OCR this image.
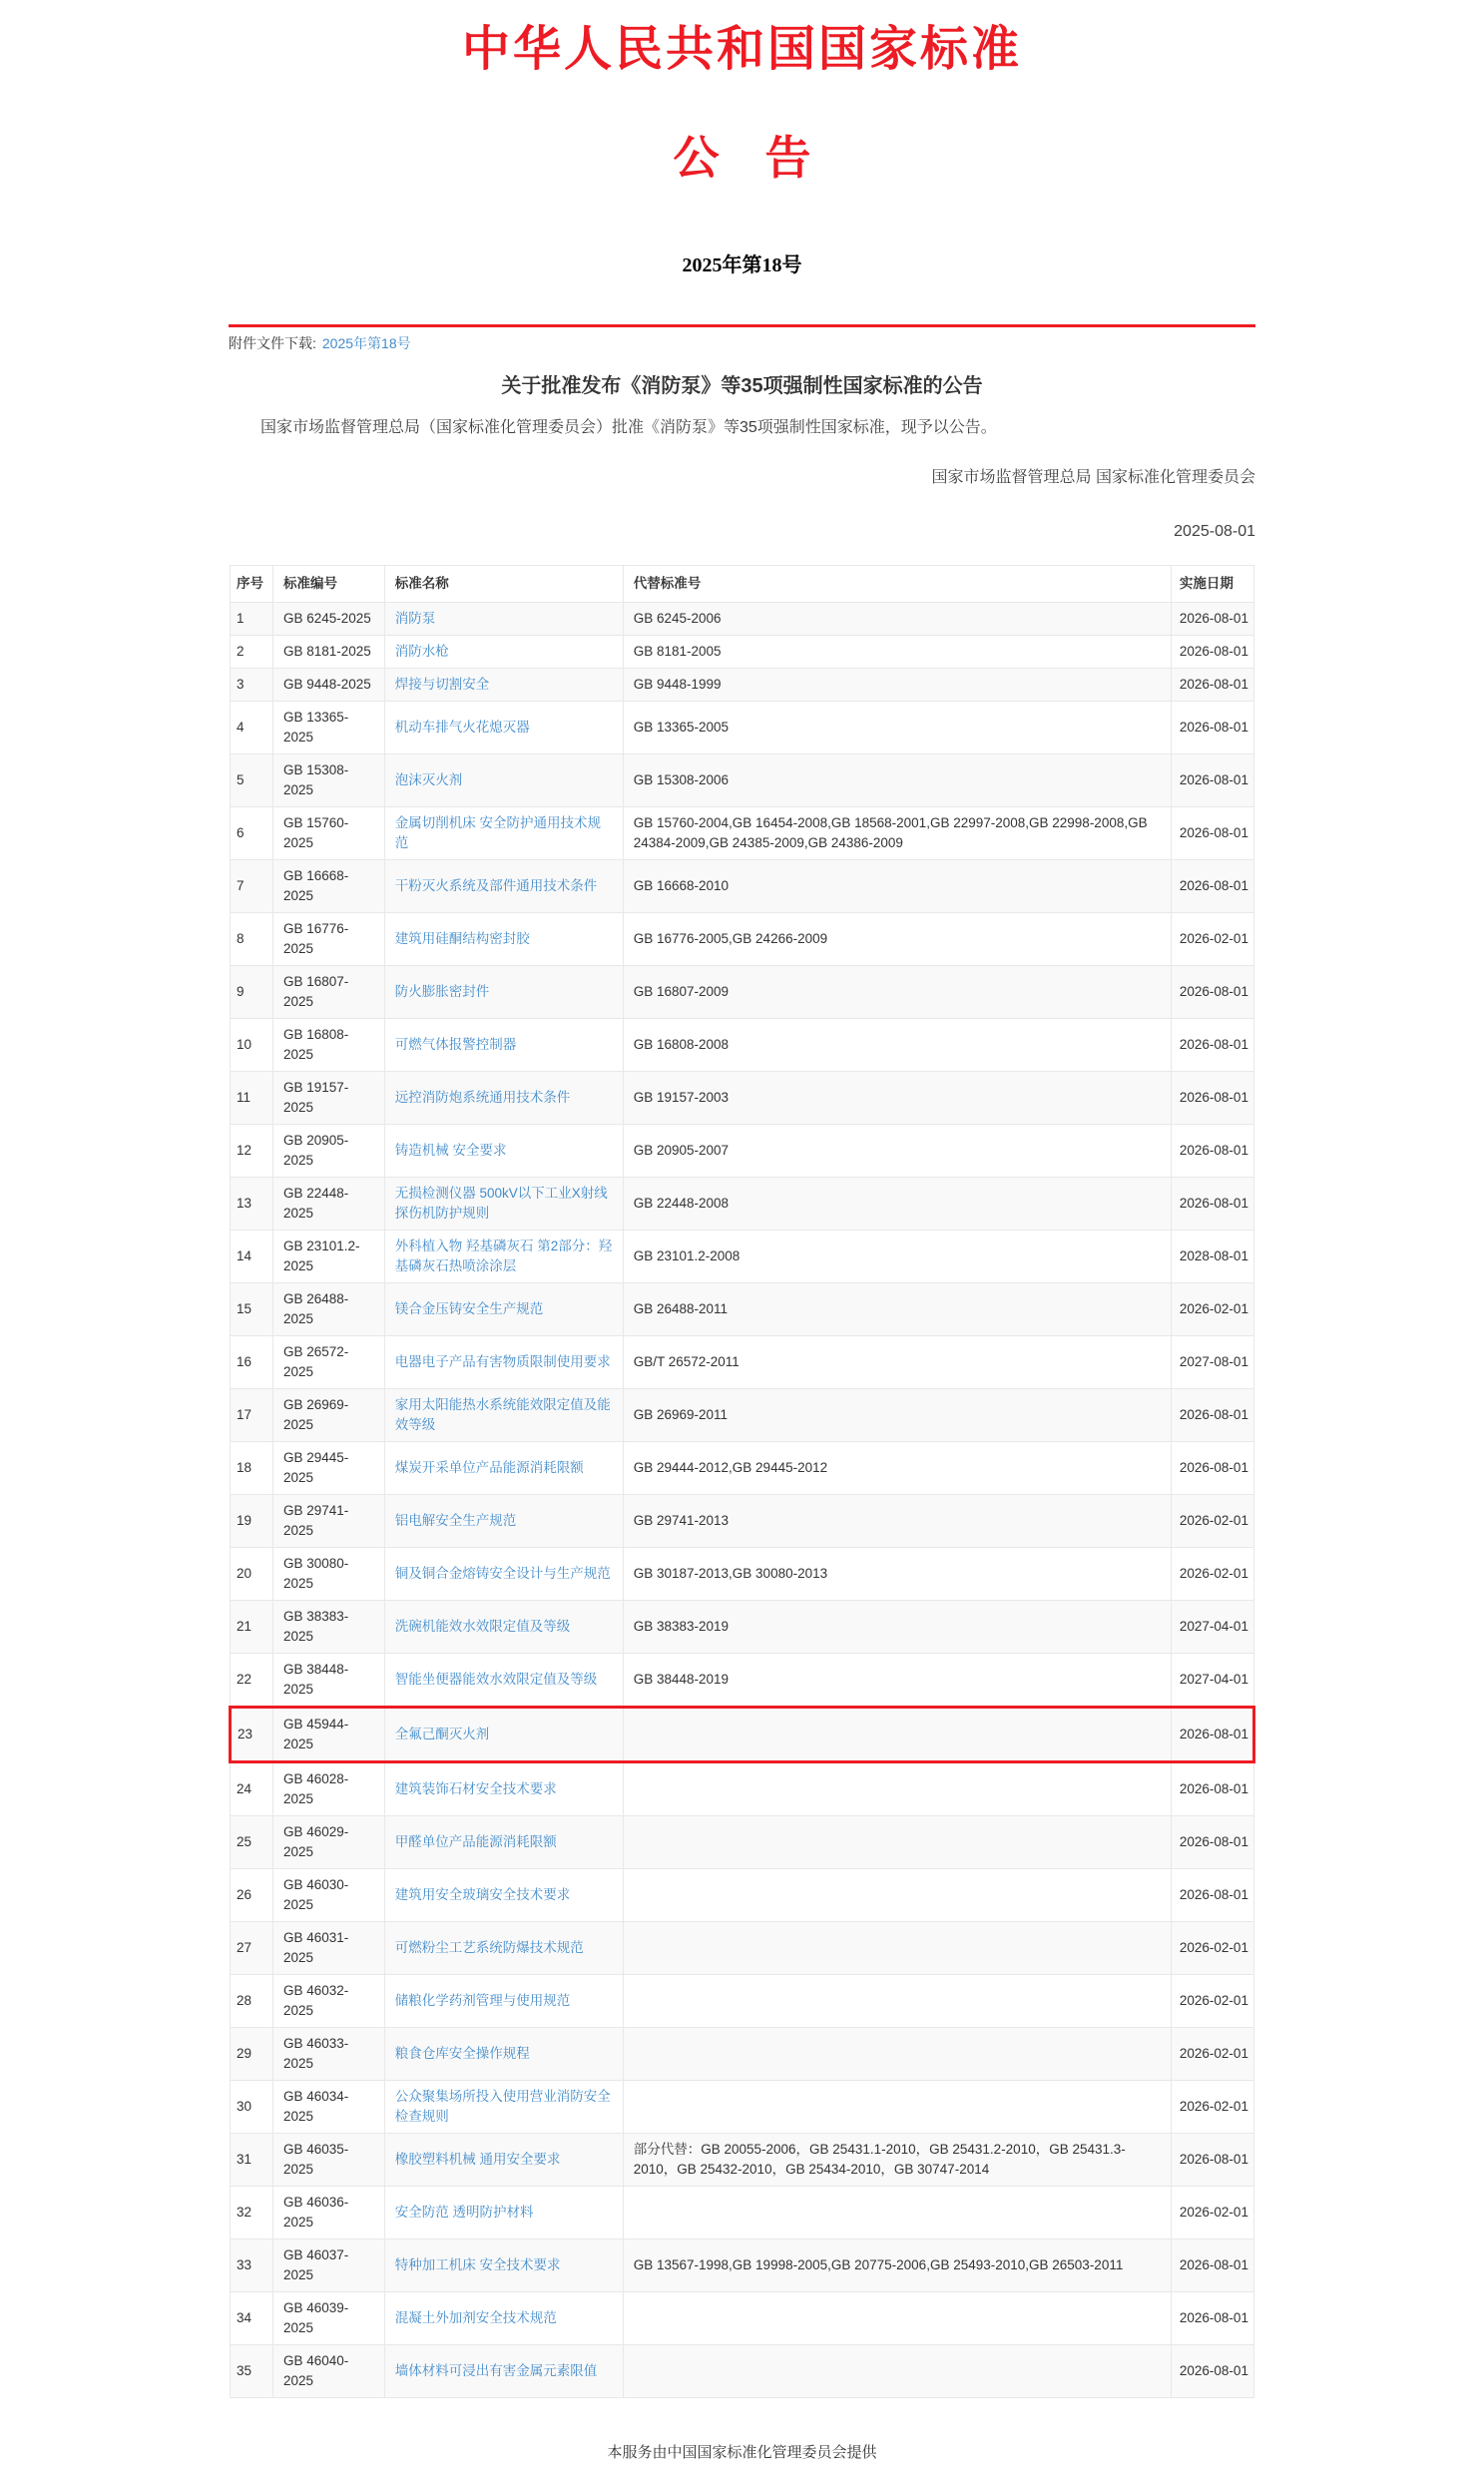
中华人民共和国国家标准
公　告
2025年第18号
附件文件下载: 2025年第18号
关于批准发布《消防泵》等35项强制性国家标准的公告

国家市场监督管理总局（国家标准化管理委员会）批准《消防泵》等35项强制性国家标准，现予以公告。

国家市场监督管理总局 国家标准化管理委员会

2025-08-01

序号	标准编号	标准名称	代替标准号	实施日期
1	GB 6245-2025	消防泵	GB 6245-2006	2026-08-01
2	GB 8181-2025	消防水枪	GB 8181-2005	2026-08-01
3	GB 9448-2025	焊接与切割安全	GB 9448-1999	2026-08-01
4	GB 13365-2025	机动车排气火花熄灭器	GB 13365-2005	2026-08-01
5	GB 15308-2025	泡沫灭火剂	GB 15308-2006	2026-08-01
6	GB 15760-2025	金属切削机床 安全防护通用技术规范	GB 15760-2004,GB 16454-2008,GB 18568-2001,GB 22997-2008,GB 22998-2008,GB 24384-2009,GB 24385-2009,GB 24386-2009	2026-08-01
7	GB 16668-2025	干粉灭火系统及部件通用技术条件	GB 16668-2010	2026-08-01
8	GB 16776-2025	建筑用硅酮结构密封胶	GB 16776-2005,GB 24266-2009	2026-02-01
9	GB 16807-2025	防火膨胀密封件	GB 16807-2009	2026-08-01
10	GB 16808-2025	可燃气体报警控制器	GB 16808-2008	2026-08-01
11	GB 19157-2025	远控消防炮系统通用技术条件	GB 19157-2003	2026-08-01
12	GB 20905-2025	铸造机械 安全要求	GB 20905-2007	2026-08-01
13	GB 22448-2025	无损检测仪器 500kV以下工业X射线探伤机防护规则	GB 22448-2008	2026-08-01
14	GB 23101.2-2025	外科植入物 羟基磷灰石 第2部分：羟基磷灰石热喷涂涂层	GB 23101.2-2008	2028-08-01
15	GB 26488-2025	镁合金压铸安全生产规范	GB 26488-2011	2026-02-01
16	GB 26572-2025	电器电子产品有害物质限制使用要求	GB/T 26572-2011	2027-08-01
17	GB 26969-2025	家用太阳能热水系统能效限定值及能效等级	GB 26969-2011	2026-08-01
18	GB 29445-2025	煤炭开采单位产品能源消耗限额	GB 29444-2012,GB 29445-2012	2026-08-01
19	GB 29741-2025	铝电解安全生产规范	GB 29741-2013	2026-02-01
20	GB 30080-2025	铜及铜合金熔铸安全设计与生产规范	GB 30187-2013,GB 30080-2013	2026-02-01
21	GB 38383-2025	洗碗机能效水效限定值及等级	GB 38383-2019	2027-04-01
22	GB 38448-2025	智能坐便器能效水效限定值及等级	GB 38448-2019	2027-04-01
23	GB 45944-2025	全氟己酮灭火剂		2026-08-01
24	GB 46028-2025	建筑装饰石材安全技术要求		2026-08-01
25	GB 46029-2025	甲醛单位产品能源消耗限额		2026-08-01
26	GB 46030-2025	建筑用安全玻璃安全技术要求		2026-08-01
27	GB 46031-2025	可燃粉尘工艺系统防爆技术规范		2026-02-01
28	GB 46032-2025	储粮化学药剂管理与使用规范		2026-02-01
29	GB 46033-2025	粮食仓库安全操作规程		2026-02-01
30	GB 46034-2025	公众聚集场所投入使用营业消防安全检查规则		2026-02-01
31	GB 46035-2025	橡胶塑料机械 通用安全要求	部分代替：GB 20055-2006，GB 25431.1-2010，GB 25431.2-2010，GB 25431.3-2010，GB 25432-2010，GB 25434-2010，GB 30747-2014	2026-08-01
32	GB 46036-2025	安全防范 透明防护材料		2026-02-01
33	GB 46037-2025	特种加工机床 安全技术要求	GB 13567-1998,GB 19998-2005,GB 20775-2006,GB 25493-2010,GB 26503-2011	2026-08-01
34	GB 46039-2025	混凝土外加剂安全技术规范		2026-08-01
35	GB 46040-2025	墙体材料可浸出有害金属元素限值		2026-08-01
本服务由中国国家标准化管理委员会提供
